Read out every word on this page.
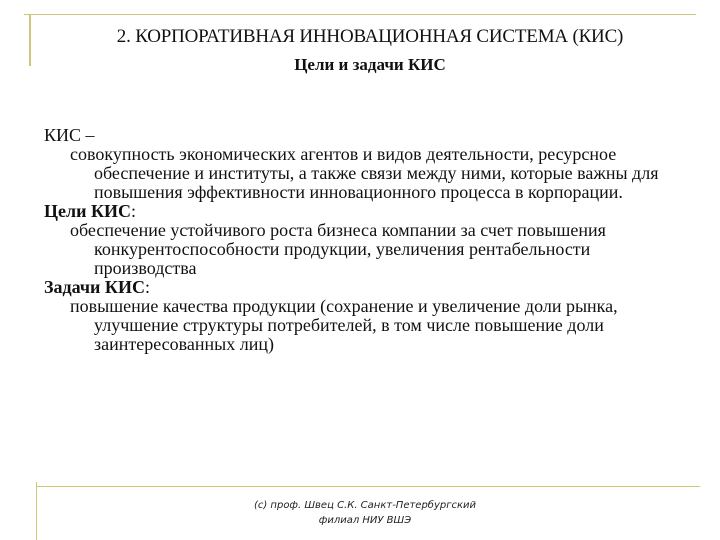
2. КОРПОРАТИВНАЯ ИННОВАЦИОННАЯ СИСТЕМА (КИС)
Цели и задачи КИС
КИС –
совокупность экономических агентов и видов деятельности, ресурсное обеспечение и институты, а также связи между ними, которые важны для повышения эффективности инновационного процесса в корпорации.
Цели КИС:
обеспечение устойчивого роста бизнеса компании за счет повышения конкурентоспособности продукции, увеличения рентабельности производства
Задачи КИС:
повышение качества продукции (сохранение и увеличение доли рынка, улучшение структуры потребителей, в том числе повышение доли заинтересованных лиц)
(c) проф. Швец С.К. Санкт-Петербургский
филиал НИУ ВШЭ
